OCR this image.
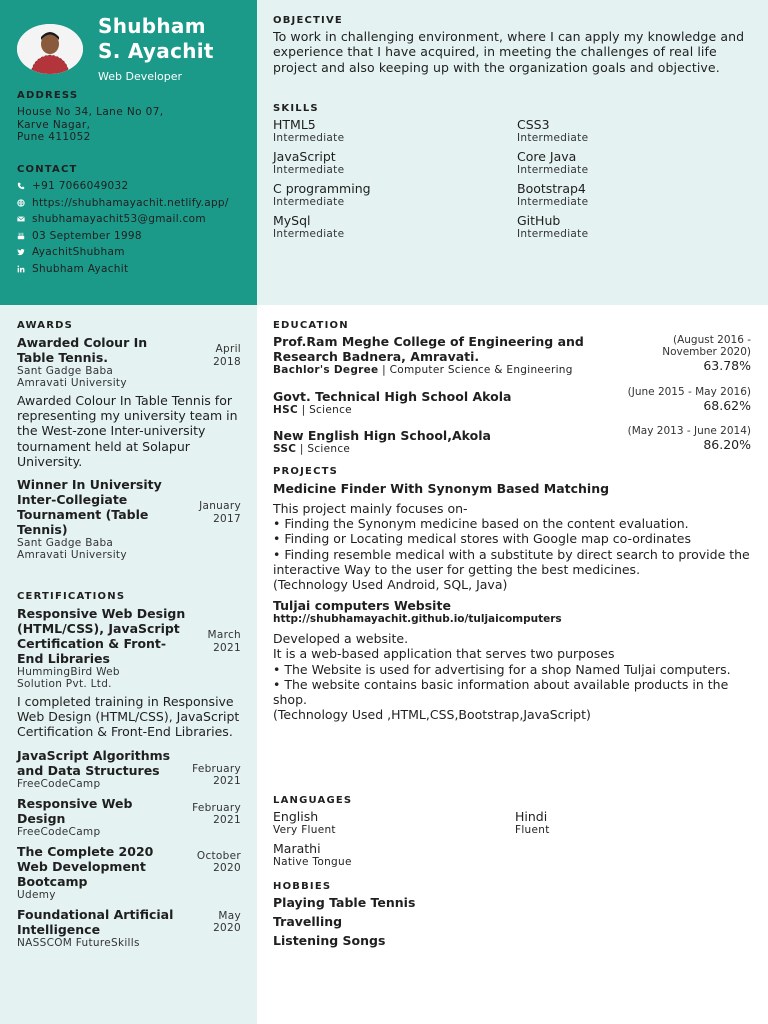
Shubham
S. Ayachit
Web Developer
ADDRESS
House No 34, Lane No 07,
Karve Nagar,
Pune 411052
CONTACT
+91 7066049032
https://shubhamayachit.netlify.app/
shubhamayachit53@gmail.com
03 September 1998
AyachitShubham
Shubham Ayachit
OBJECTIVE

To work in challenging environment, where I can apply my knowledge and experience that I have acquired, in meeting the challenges of real life project and also keeping up with the organization goals and objective.

SKILLS
HTML5
Intermediate
CSS3
Intermediate
JavaScript
Intermediate
Core Java
Intermediate
C programming
Intermediate
Bootstrap4
Intermediate
MySql
Intermediate
GitHub
Intermediate
AWARDS
Awarded Colour In Table Tennis.
Sant Gadge Baba Amravati University
April 2018
Awarded Colour In Table Tennis for representing my university team in the West-zone Inter-university tournament held at Solapur University.
Winner In University Inter-Collegiate Tournament (Table Tennis)
Sant Gadge Baba Amravati University
January 2017
CERTIFICATIONS
Responsive Web Design (HTML/CSS), JavaScript Certification & Front-End Libraries
HummingBird Web Solution Pvt. Ltd.
March 2021
I completed training in Responsive Web Design (HTML/CSS), JavaScript Certification & Front-End Libraries.
JavaScript Algorithms and Data Structures
FreeCodeCamp
February 2021
Responsive Web Design
FreeCodeCamp
February 2021
The Complete 2020 Web Development Bootcamp
Udemy
October 2020
Foundational Artificial Intelligence
NASSCOM FutureSkills
May 2020
EDUCATION
Prof.Ram Meghe College of Engineering and Research Badnera, Amravati.
Bachlor's Degree | Computer Science & Engineering
(August 2016 - November 2020)
63.78%
Govt. Technical High School Akola
HSC | Science
(June 2015 - May 2016)
68.62%
New English Hign School,Akola
SSC | Science
(May 2013 - June 2014)
86.20%
PROJECTS
Medicine Finder With Synonym Based Matching
This project mainly focuses on-
• Finding the Synonym medicine based on the content evaluation.
• Finding or Locating medical stores with Google map co-ordinates
• Finding resemble medical with a substitute by direct search to provide the
interactive Way to the user for getting the best medicines.
(Technology Used Android, SQL, Java)
Tuljai computers Website
http://shubhamayachit.github.io/tuljaicomputers
Developed a website.
It is a web-based application that serves two purposes
• The Website is used for advertising for a shop Named Tuljai computers.
• The website contains basic information about available products in the shop.
(Technology Used ,HTML,CSS,Bootstrap,JavaScript)
LANGUAGES
English
Very Fluent
Hindi
Fluent
Marathi
Native Tongue
HOBBIES
Playing Table Tennis
Travelling
Listening Songs
